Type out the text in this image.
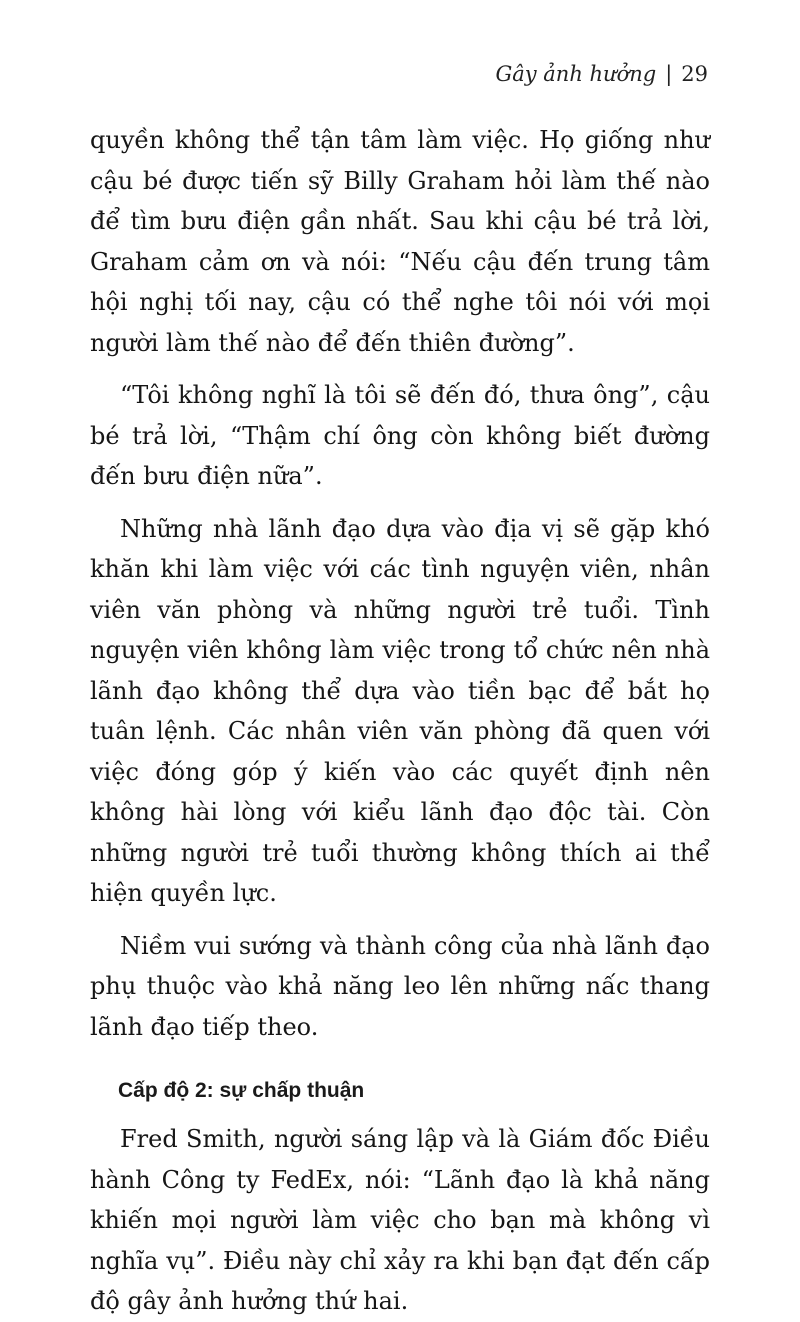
Gây ảnh hưởng | 29

quyền không thể tận tâm làm việc. Họ giống như cậu bé được tiến sỹ Billy Graham hỏi làm thế nào để tìm bưu điện gần nhất. Sau khi cậu bé trả lời, Graham cảm ơn và nói: “Nếu cậu đến trung tâm hội nghị tối nay, cậu có thể nghe tôi nói với mọi người làm thế nào để đến thiên đường”.

“Tôi không nghĩ là tôi sẽ đến đó, thưa ông”, cậu bé trả lời, “Thậm chí ông còn không biết đường đến bưu điện nữa”.

Những nhà lãnh đạo dựa vào địa vị sẽ gặp khó khăn khi làm việc với các tình nguyện viên, nhân viên văn phòng và những người trẻ tuổi. Tình nguyện viên không làm việc trong tổ chức nên nhà lãnh đạo không thể dựa vào tiền bạc để bắt họ tuân lệnh. Các nhân viên văn phòng đã quen với việc đóng góp ý kiến vào các quyết định nên không hài lòng với kiểu lãnh đạo độc tài. Còn những người trẻ tuổi thường không thích ai thể hiện quyền lực.

Niềm vui sướng và thành công của nhà lãnh đạo phụ thuộc vào khả năng leo lên những nấc thang lãnh đạo tiếp theo.

Cấp độ 2: sự chấp thuận

Fred Smith, người sáng lập và là Giám đốc Điều hành Công ty FedEx, nói: “Lãnh đạo là khả năng khiến mọi người làm việc cho bạn mà không vì nghĩa vụ”. Điều này chỉ xảy ra khi bạn đạt đến cấp độ gây ảnh hưởng thứ hai.
